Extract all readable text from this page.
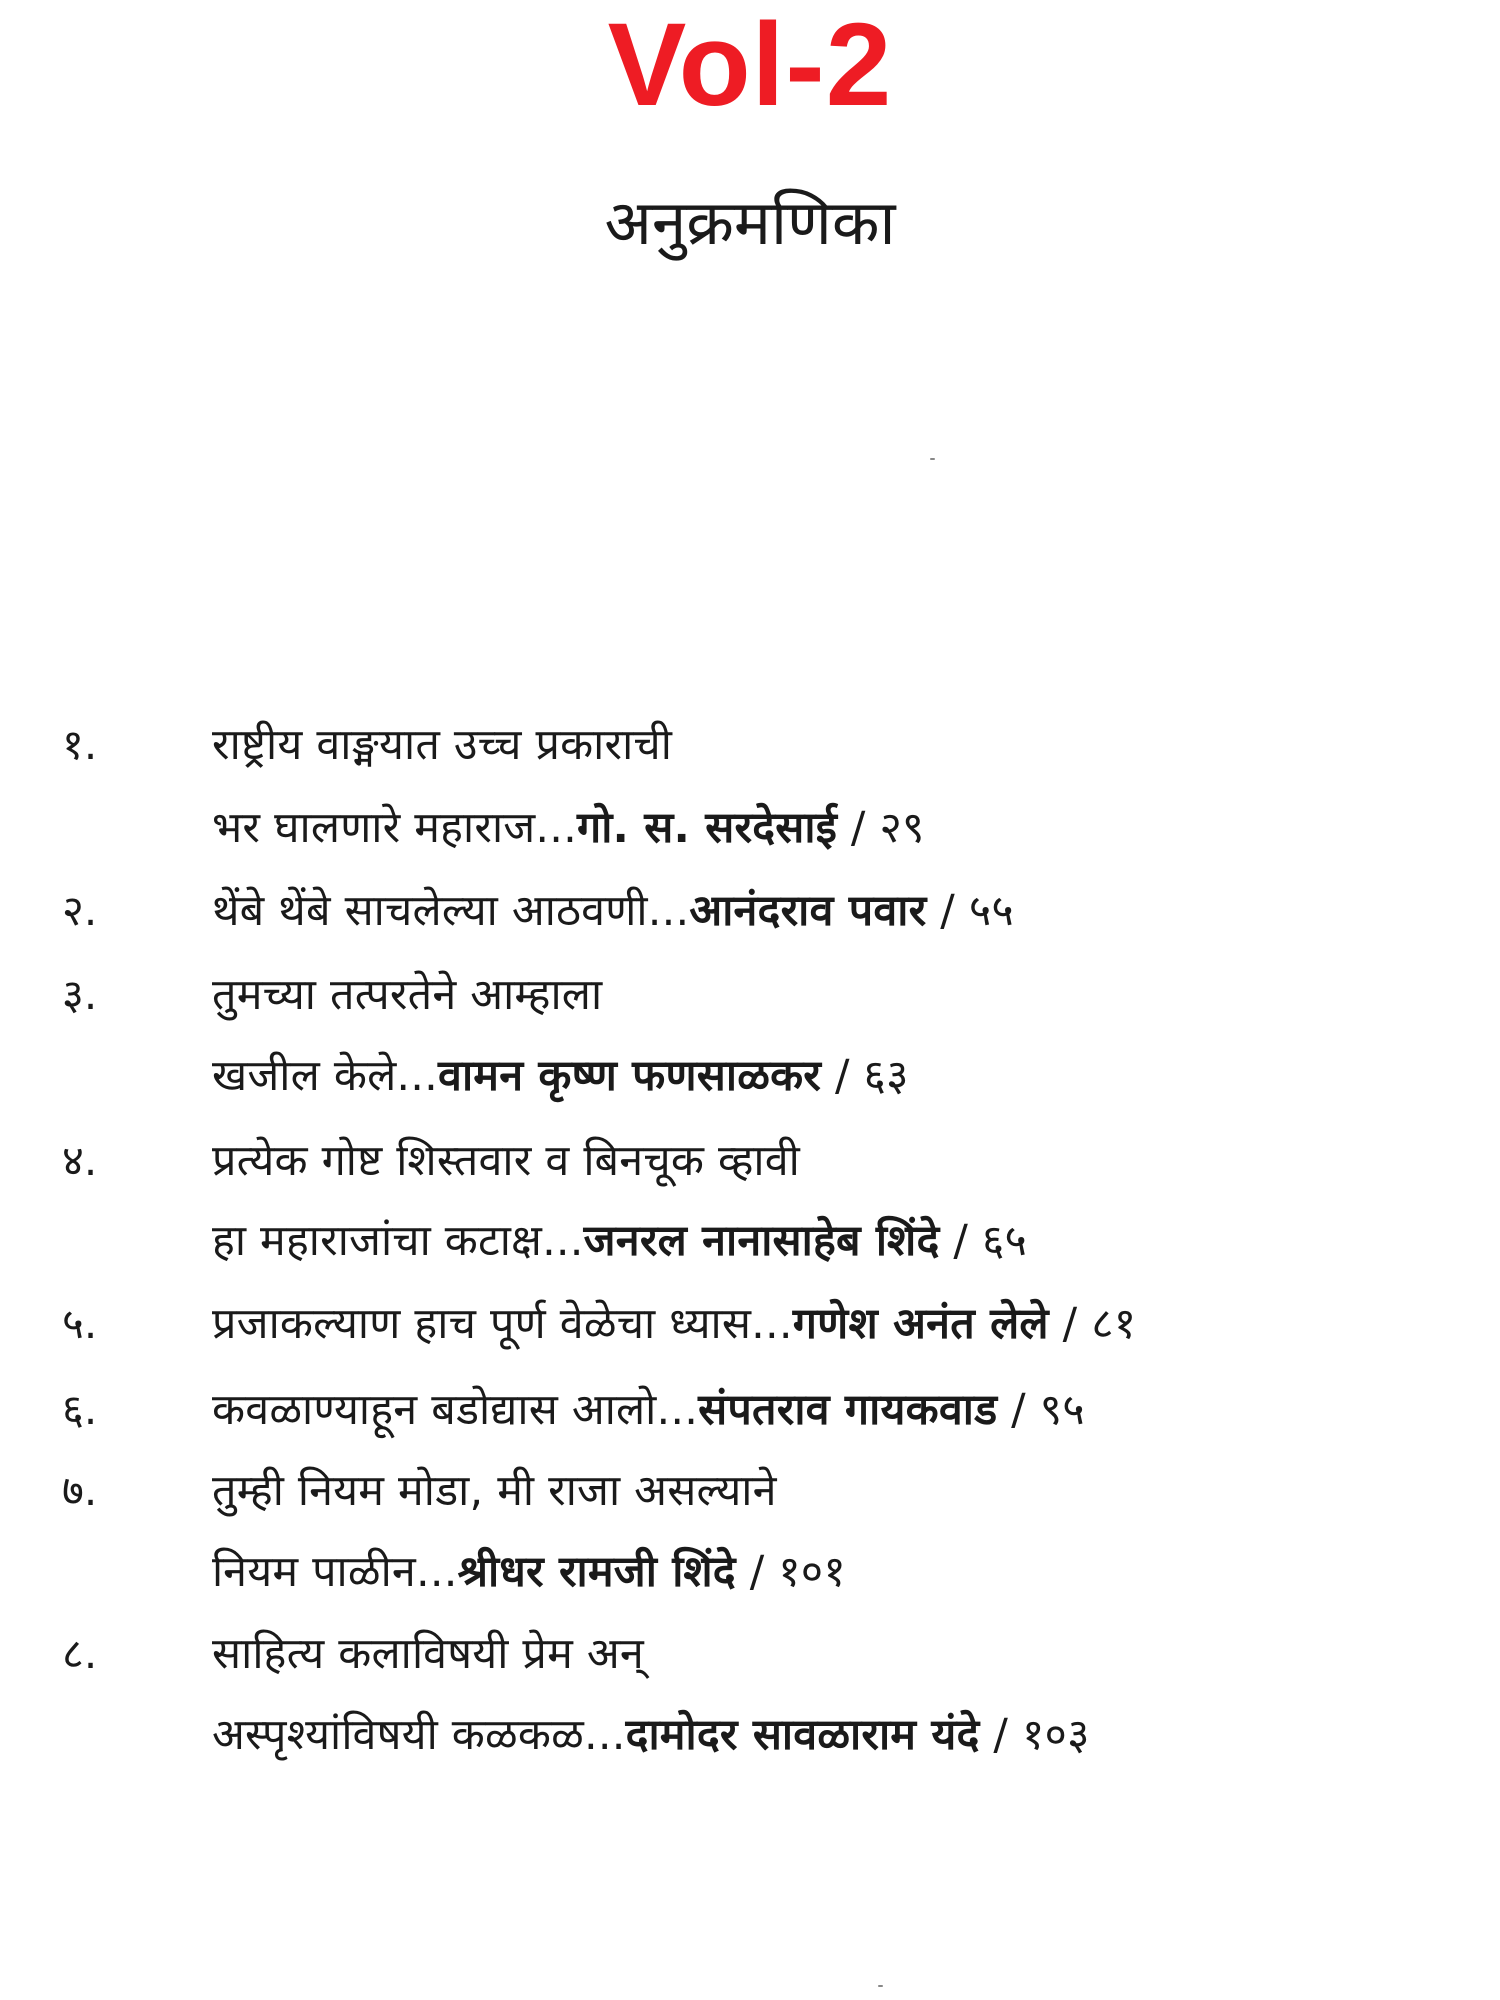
Vol-2
अनुक्रमणिका
१.	राष्ट्रीय वाङ्मयात उच्च प्रकाराची
भर घालणारे महाराज...गो. स. सरदेसाई / २९
२.	थेंबे थेंबे साचलेल्या आठवणी...आनंदराव पवार / ५५
३.	तुमच्या तत्परतेने आम्हाला
खजील केले...वामन कृष्ण फणसाळकर / ६३
४.	प्रत्येक गोष्ट शिस्तवार व बिनचूक व्हावी
हा महाराजांचा कटाक्ष...जनरल नानासाहेब शिंदे / ६५
५.	प्रजाकल्याण हाच पूर्ण वेळेचा ध्यास...गणेश अनंत लेले / ८१
६.	कवळाण्याहून बडोद्यास आलो...संपतराव गायकवाड / ९५
७.	तुम्ही नियम मोडा, मी राजा असल्याने
नियम पाळीन...श्रीधर रामजी शिंदे / १०१
८.	साहित्य कलाविषयी प्रेम अन्
अस्पृश्यांविषयी कळकळ...दामोदर सावळाराम यंदे / १०३
